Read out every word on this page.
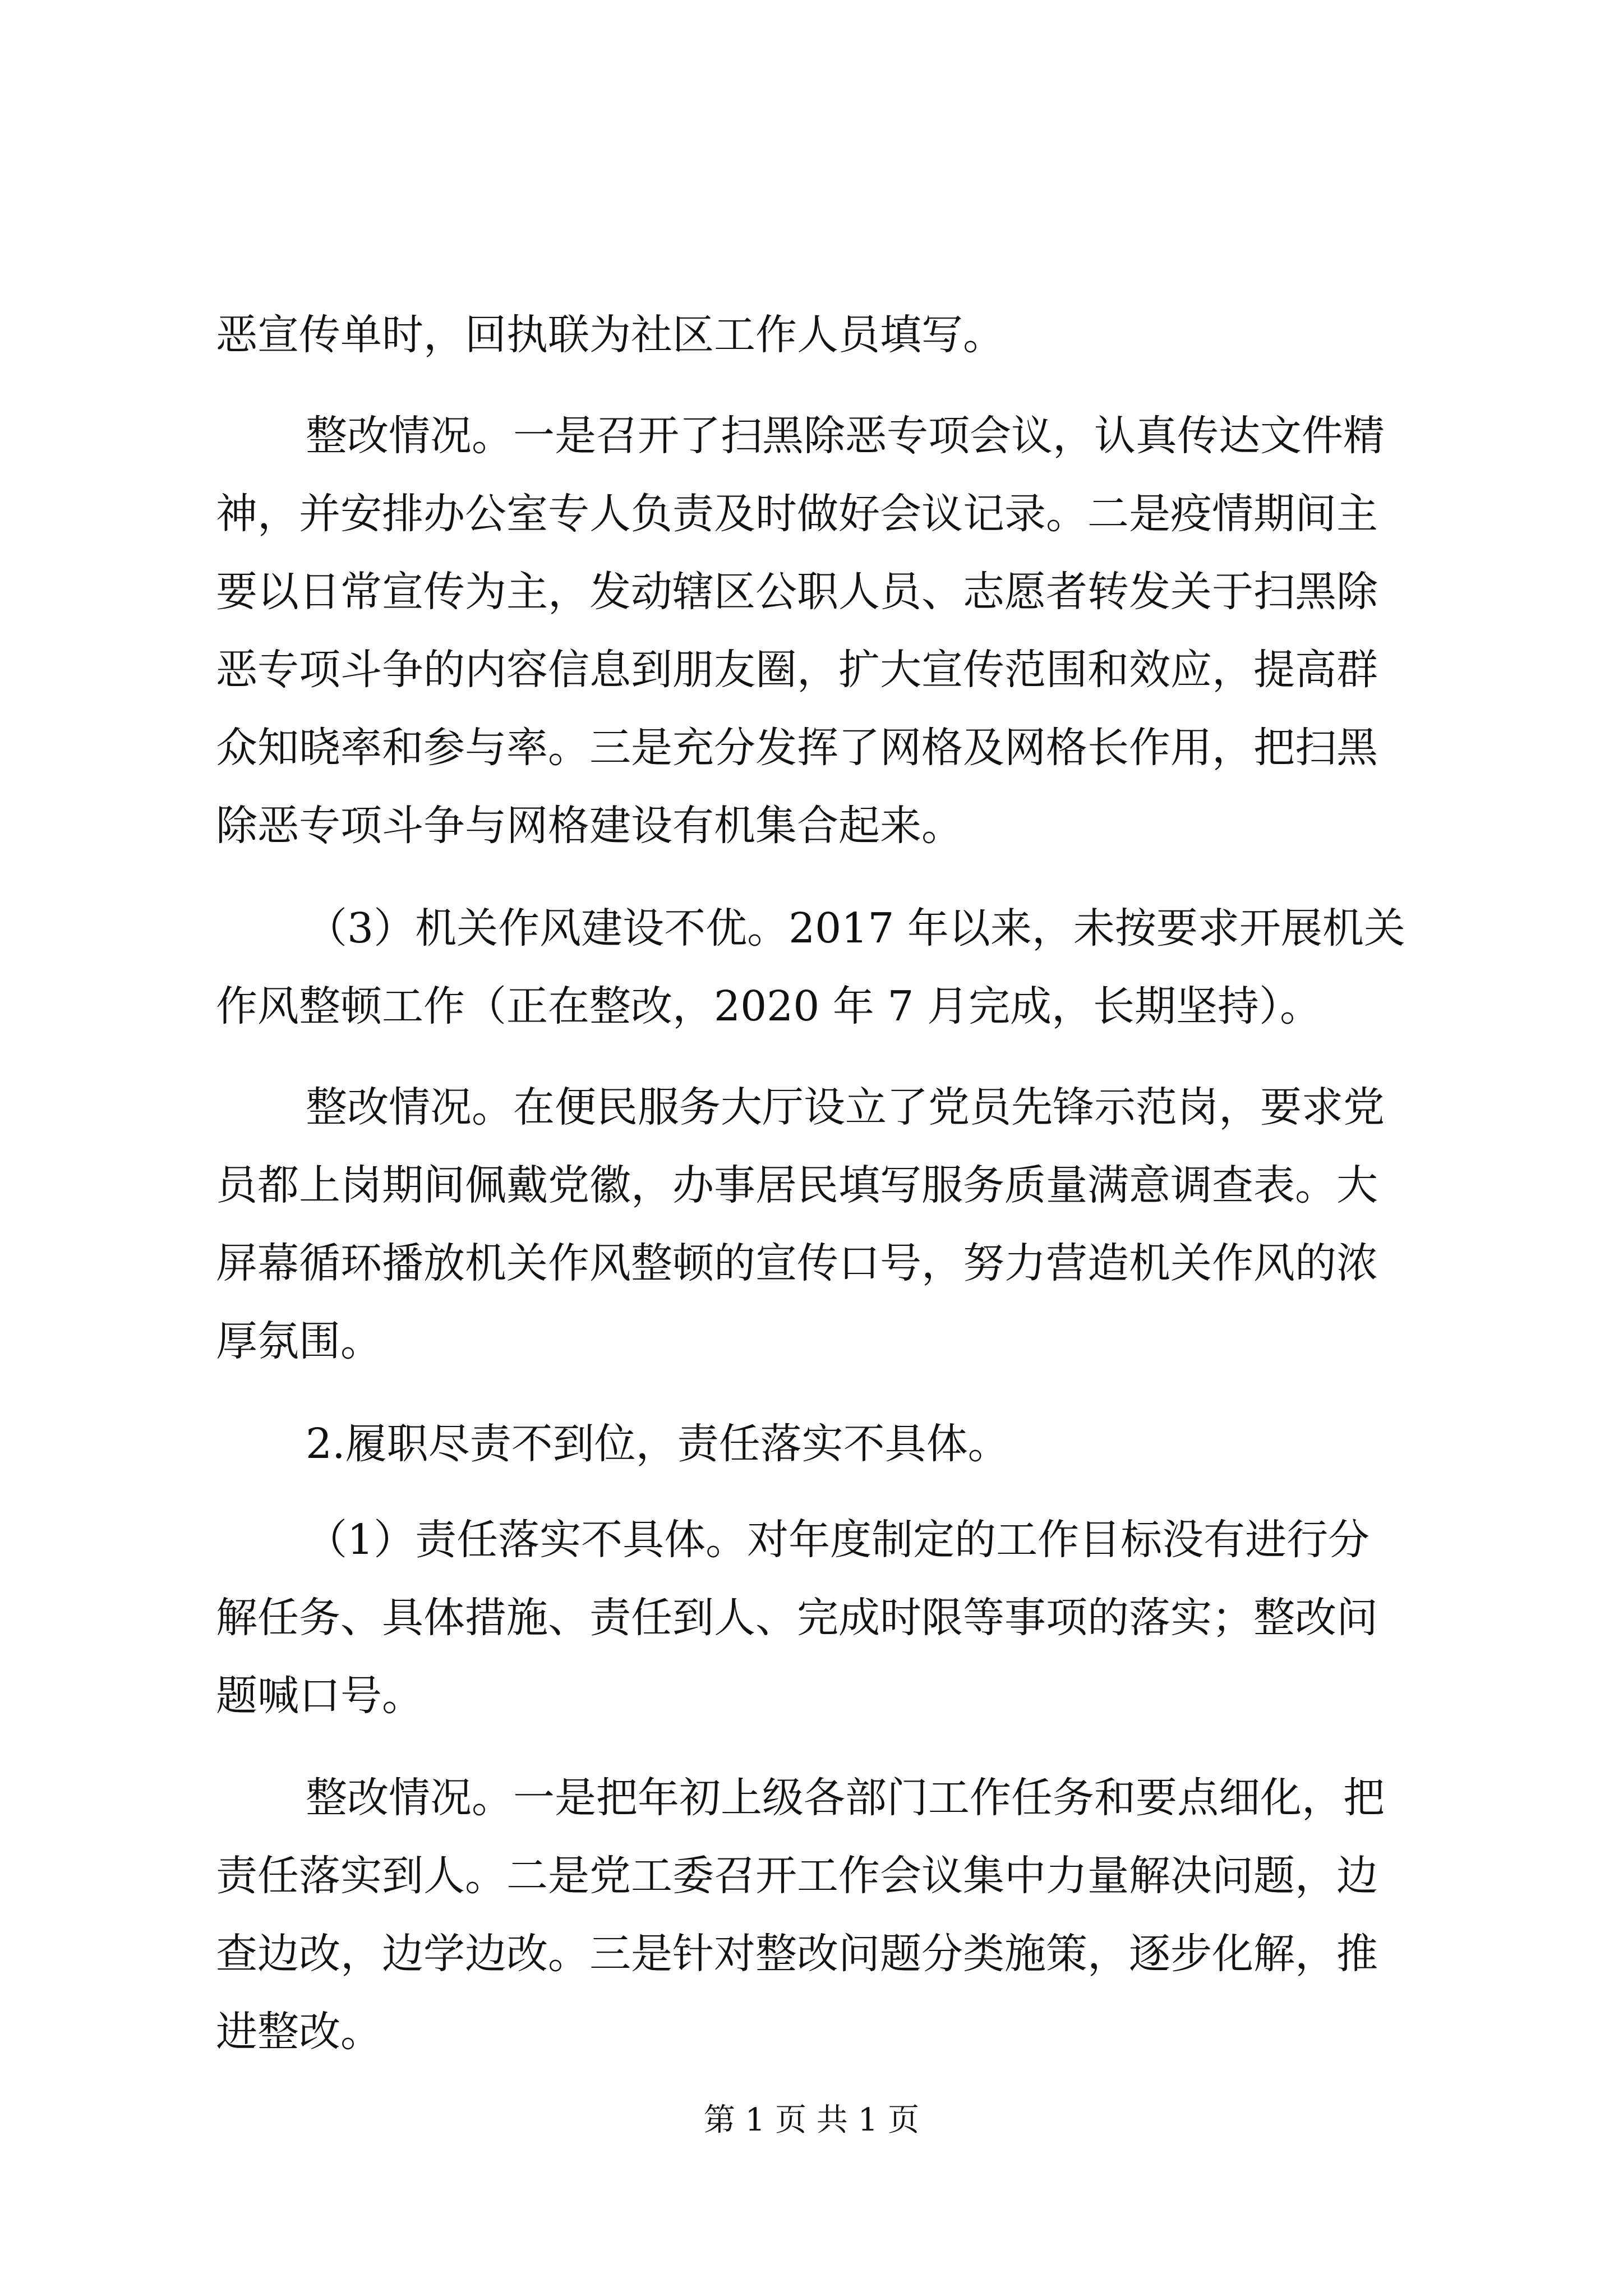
恶宣传单时，回执联为社区工作人员填写。
整改情况。一是召开了扫黑除恶专项会议，认真传达文件精
神，并安排办公室专人负责及时做好会议记录。二是疫情期间主
要以日常宣传为主，发动辖区公职人员、志愿者转发关于扫黑除
恶专项斗争的内容信息到朋友圈，扩大宣传范围和效应，提高群
众知晓率和参与率。三是充分发挥了网格及网格长作用，把扫黑
除恶专项斗争与网格建设有机集合起来。
（3）机关作风建设不优。2017 年以来，未按要求开展机关
作风整顿工作（正在整改，2020 年 7 月完成，长期坚持）。
整改情况。在便民服务大厅设立了党员先锋示范岗，要求党
员都上岗期间佩戴党徽，办事居民填写服务质量满意调查表。大
屏幕循环播放机关作风整顿的宣传口号，努力营造机关作风的浓
厚氛围。
2.履职尽责不到位，责任落实不具体。
（1）责任落实不具体。对年度制定的工作目标没有进行分
解任务、具体措施、责任到人、完成时限等事项的落实；整改问
题喊口号。
整改情况。一是把年初上级各部门工作任务和要点细化，把
责任落实到人。二是党工委召开工作会议集中力量解决问题，边
查边改，边学边改。三是针对整改问题分类施策，逐步化解，推
进整改。
第 1 页 共 1 页
